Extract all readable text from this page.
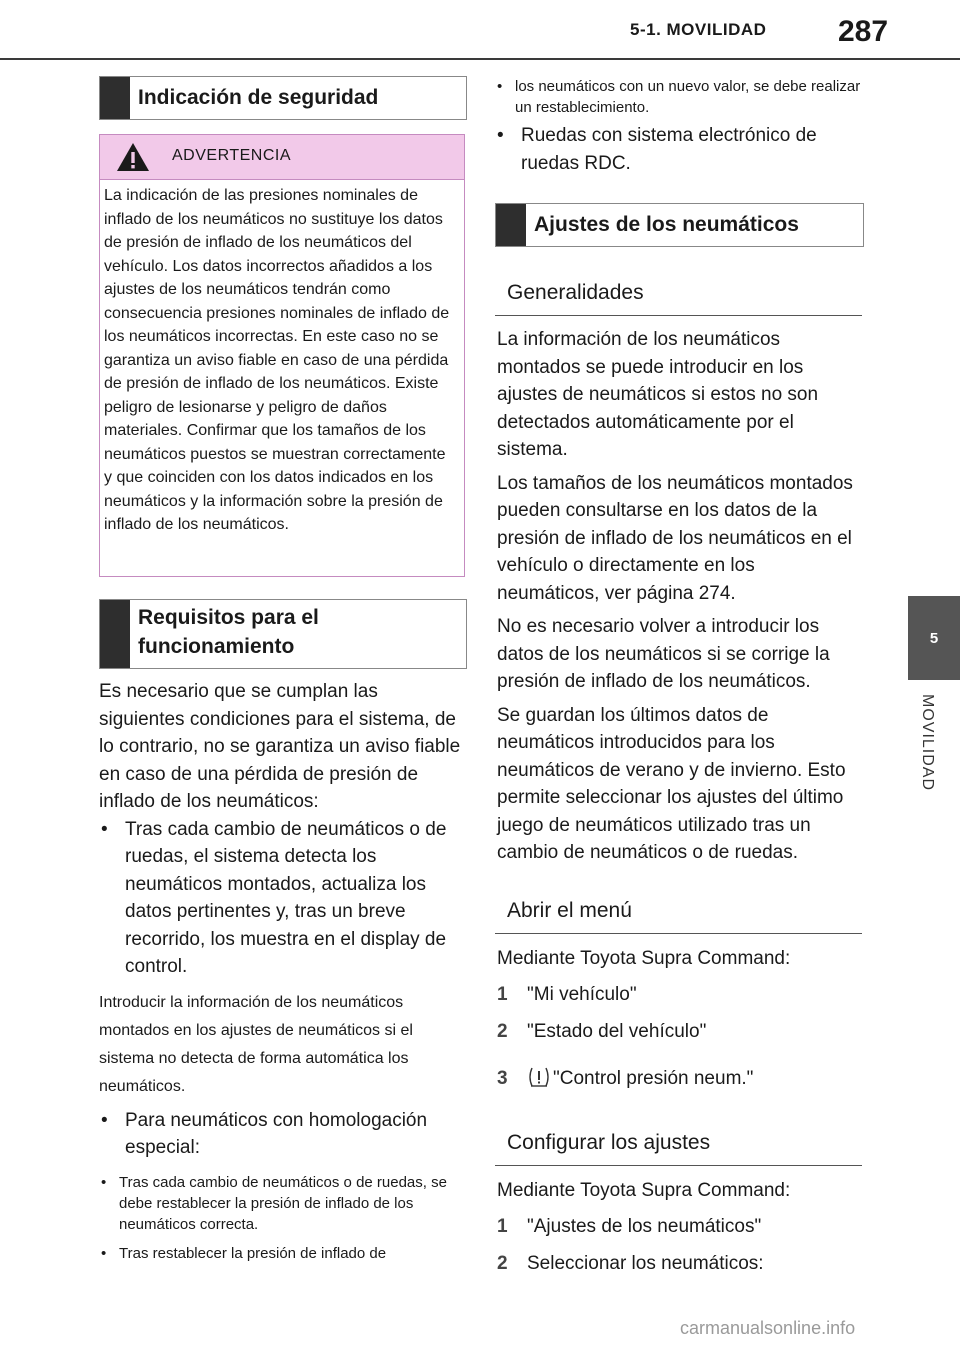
5-1. MOVILIDAD 287
5
MOVILIDAD
Indicación de seguridad
ADVERTENCIA
La indicación de las presiones nominales de inflado de los neumáticos no sustituye los datos de presión de inflado de los neumáticos del vehículo. Los datos incorrectos añadidos a los ajustes de los neumáticos tendrán como consecuencia presiones nominales de inflado de los neumáticos incorrectas. En este caso no se garantiza un aviso fiable en caso de una pérdida de presión de inflado de los neumáticos. Existe peligro de lesionarse y peligro de daños materiales. Confirmar que los tamaños de los neumáticos puestos se muestran correctamente y que coinciden con los datos indicados en los neumáticos y la información sobre la presión de inflado de los neumáticos.
Requisitos para el funcionamiento
Es necesario que se cumplan las siguientes condiciones para el sistema, de lo contrario, no se garantiza un aviso fiable en caso de una pérdida de presión de inflado de los neumáticos:
• Tras cada cambio de neumáticos o de ruedas, el sistema detecta los neumáticos montados, actualiza los datos pertinentes y, tras un breve recorrido, los muestra en el display de control.
Introducir la información de los neumáticos montados en los ajustes de neumáticos si el sistema no detecta de forma automática los neumáticos.
• Para neumáticos con homologación especial:
• Tras cada cambio de neumáticos o de ruedas, se debe restablecer la presión de inflado de los neumáticos correcta.
• Tras restablecer la presión de inflado de
• los neumáticos con un nuevo valor, se debe realizar un restablecimiento.
• Ruedas con sistema electrónico de ruedas RDC.
Ajustes de los neumáticos
Generalidades
La información de los neumáticos montados se puede introducir en los ajustes de neumáticos si estos no son detectados automáticamente por el sistema.
Los tamaños de los neumáticos montados pueden consultarse en los datos de la presión de inflado de los neumáticos en el vehículo o directamente en los neumáticos, ver página 274.
No es necesario volver a introducir los datos de los neumáticos si se corrige la presión de inflado de los neumáticos.
Se guardan los últimos datos de neumáticos introducidos para los neumáticos de verano y de invierno. Esto permite seleccionar los ajustes del último juego de neumáticos utilizado tras un cambio de neumáticos o de ruedas.
Abrir el menú
Mediante Toyota Supra Command:
1 "Mi vehículo"
2 "Estado del vehículo"
3 "Control presión neum."
Configurar los ajustes
Mediante Toyota Supra Command:
1 "Ajustes de los neumáticos"
2 Seleccionar los neumáticos:
carmanualsonline.info
